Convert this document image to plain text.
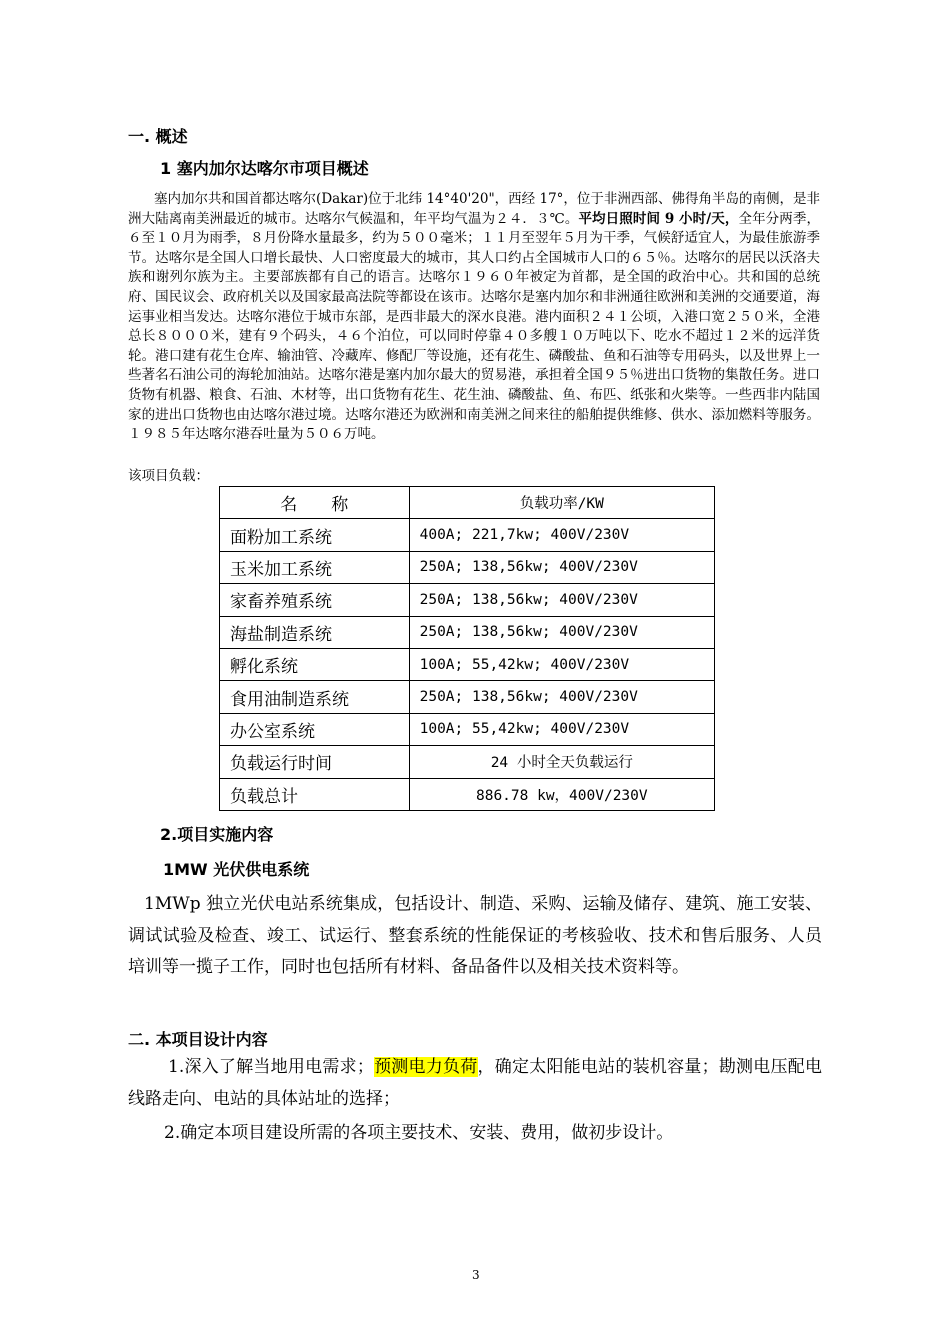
一. 概述
1 塞内加尔达喀尔市项目概述
塞内加尔共和国首都达喀尔(Dakar)位于北纬 14°40'20"，西经 17°，位于非洲西部、佛得角半岛的南侧，是非洲大陆离南美洲最近的城市。达喀尔气候温和，年平均气温为２４．３℃。平均日照时间 9 小时/天，全年分两季，６至１０月为雨季，８月份降水量最多，约为５００毫米；１１月至翌年５月为干季，气候舒适宜人，为最佳旅游季节。达喀尔是全国人口增长最快、人口密度最大的城市，其人口约占全国城市人口的６５％。达喀尔的居民以沃洛夫族和谢列尔族为主。主要部族都有自己的语言。达喀尔１９６０年被定为首都，是全国的政治中心。共和国的总统府、国民议会、政府机关以及国家最高法院等都设在该市。达喀尔是塞内加尔和非洲通往欧洲和美洲的交通要道，海运事业相当发达。达喀尔港位于城市东部，是西非最大的深水良港。港内面积２４１公顷，入港口宽２５０米，全港总长８０００米，建有９个码头，４６个泊位，可以同时停靠４０多艘１０万吨以下、吃水不超过１２米的远洋货轮。港口建有花生仓库、输油管、冷藏库、修配厂等设施，还有花生、磷酸盐、鱼和石油等专用码头，以及世界上一些著名石油公司的海轮加油站。达喀尔港是塞内加尔最大的贸易港，承担着全国９５％进出口货物的集散任务。进口货物有机器、粮食、石油、木材等，出口货物有花生、花生油、磷酸盐、鱼、布匹、纸张和火柴等。一些西非内陆国家的进出口货物也由达喀尔港过境。达喀尔港还为欧洲和南美洲之间来往的船舶提供维修、供水、添加燃料等服务。１９８５年达喀尔港吞吐量为５０６万吨。
该项目负载：
名　　称	负载功率/KW
面粉加工系统	400A; 221,7kw; 400V/230V
玉米加工系统	250A; 138,56kw; 400V/230V
家畜养殖系统	250A; 138,56kw; 400V/230V
海盐制造系统	250A; 138,56kw; 400V/230V
孵化系统	100A; 55,42kw; 400V/230V
食用油制造系统	250A; 138,56kw; 400V/230V
办公室系统	100A; 55,42kw; 400V/230V
负载运行时间	24 小时全天负载运行
负载总计	886.78 kw，400V/230V
2.项目实施内容
1MW 光伏供电系统
1MWp 独立光伏电站系统集成，包括设计、制造、采购、运输及储存、建筑、施工安装、调试试验及检查、竣工、试运行、整套系统的性能保证的考核验收、技术和售后服务、人员培训等一揽子工作，同时也包括所有材料、备品备件以及相关技术资料等。
二. 本项目设计内容
1.深入了解当地用电需求；预测电力负荷，确定太阳能电站的装机容量；勘测电压配电线路走向、电站的具体站址的选择；
2.确定本项目建设所需的各项主要技术、安装、费用，做初步设计。
3
